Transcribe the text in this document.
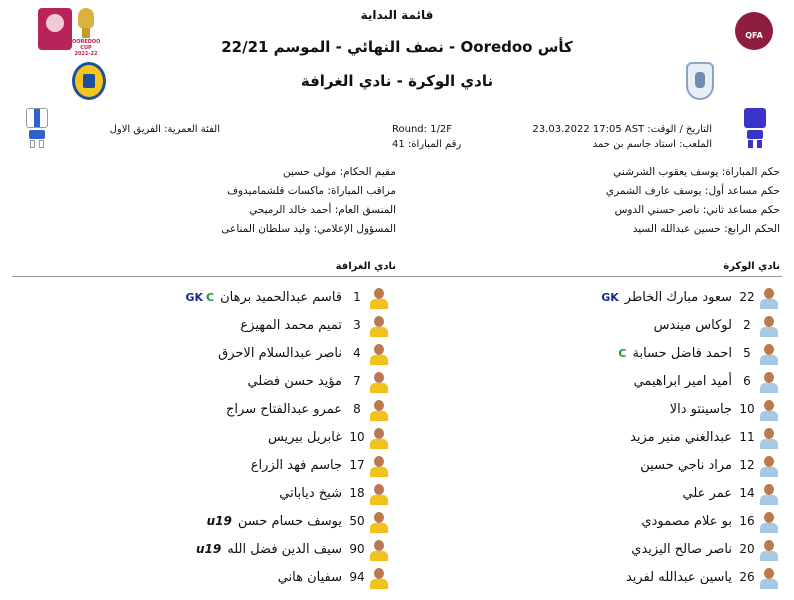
OOREDOO CUP 2021-22
QFA
قائمة البداية
كأس Ooredoo - نصف النهائي - الموسم 22/21
نادي الوكرة - نادي الغرافة
التاريخ / الوقت: 23.03.2022 17:05 AST
الملعب: استاد جاسم بن حمد
Round: 1/2F
رقم المباراة: 41
الفئة العمرية: الفريق الاول
حكم المباراة: يوسف يعقوب الشرشني
حكم مساعد أول: يوسف عارف الشمري
حكم مساعد ثاني: ناصر حسني الدوس
الحكم الرابع: حسين عبدالله السيد
مقيم الحكام: مولى حسين
مراقب المباراة: ماكسات قلشماميدوف
المنسق العام: أحمد خالد الرميحي
المسؤول الإعلامي: وليد سلطان المناعى
نادي الوكرة
نادي الغرافة
22
سعود مبارك الخاطر
GK
2
لوكاس ميندس
5
احمد فاضل حسابة
C
6
أميد امير ابراهيمي
10
جاسينتو دالا
11
عبدالغني منير مزيد
12
مراد ناجي حسين
14
عمر علي
16
بو علام مصمودي
20
ناصر صالح اليزيدي
26
ياسين عبدالله لفريد
1
قاسم عبدالحميد برهان
GK C
3
تميم محمد المهيزع
4
ناصر عبدالسلام الاحرق
7
مؤيد حسن فضلي
8
عمرو عبدالفتاح سراج
10
غابريل بيريس
17
جاسم فهد الزراع
18
شيخ دياباتي
50
يوسف حسام حسن
u19
90
سيف الدين فضل الله
u19
94
سفيان هاني
